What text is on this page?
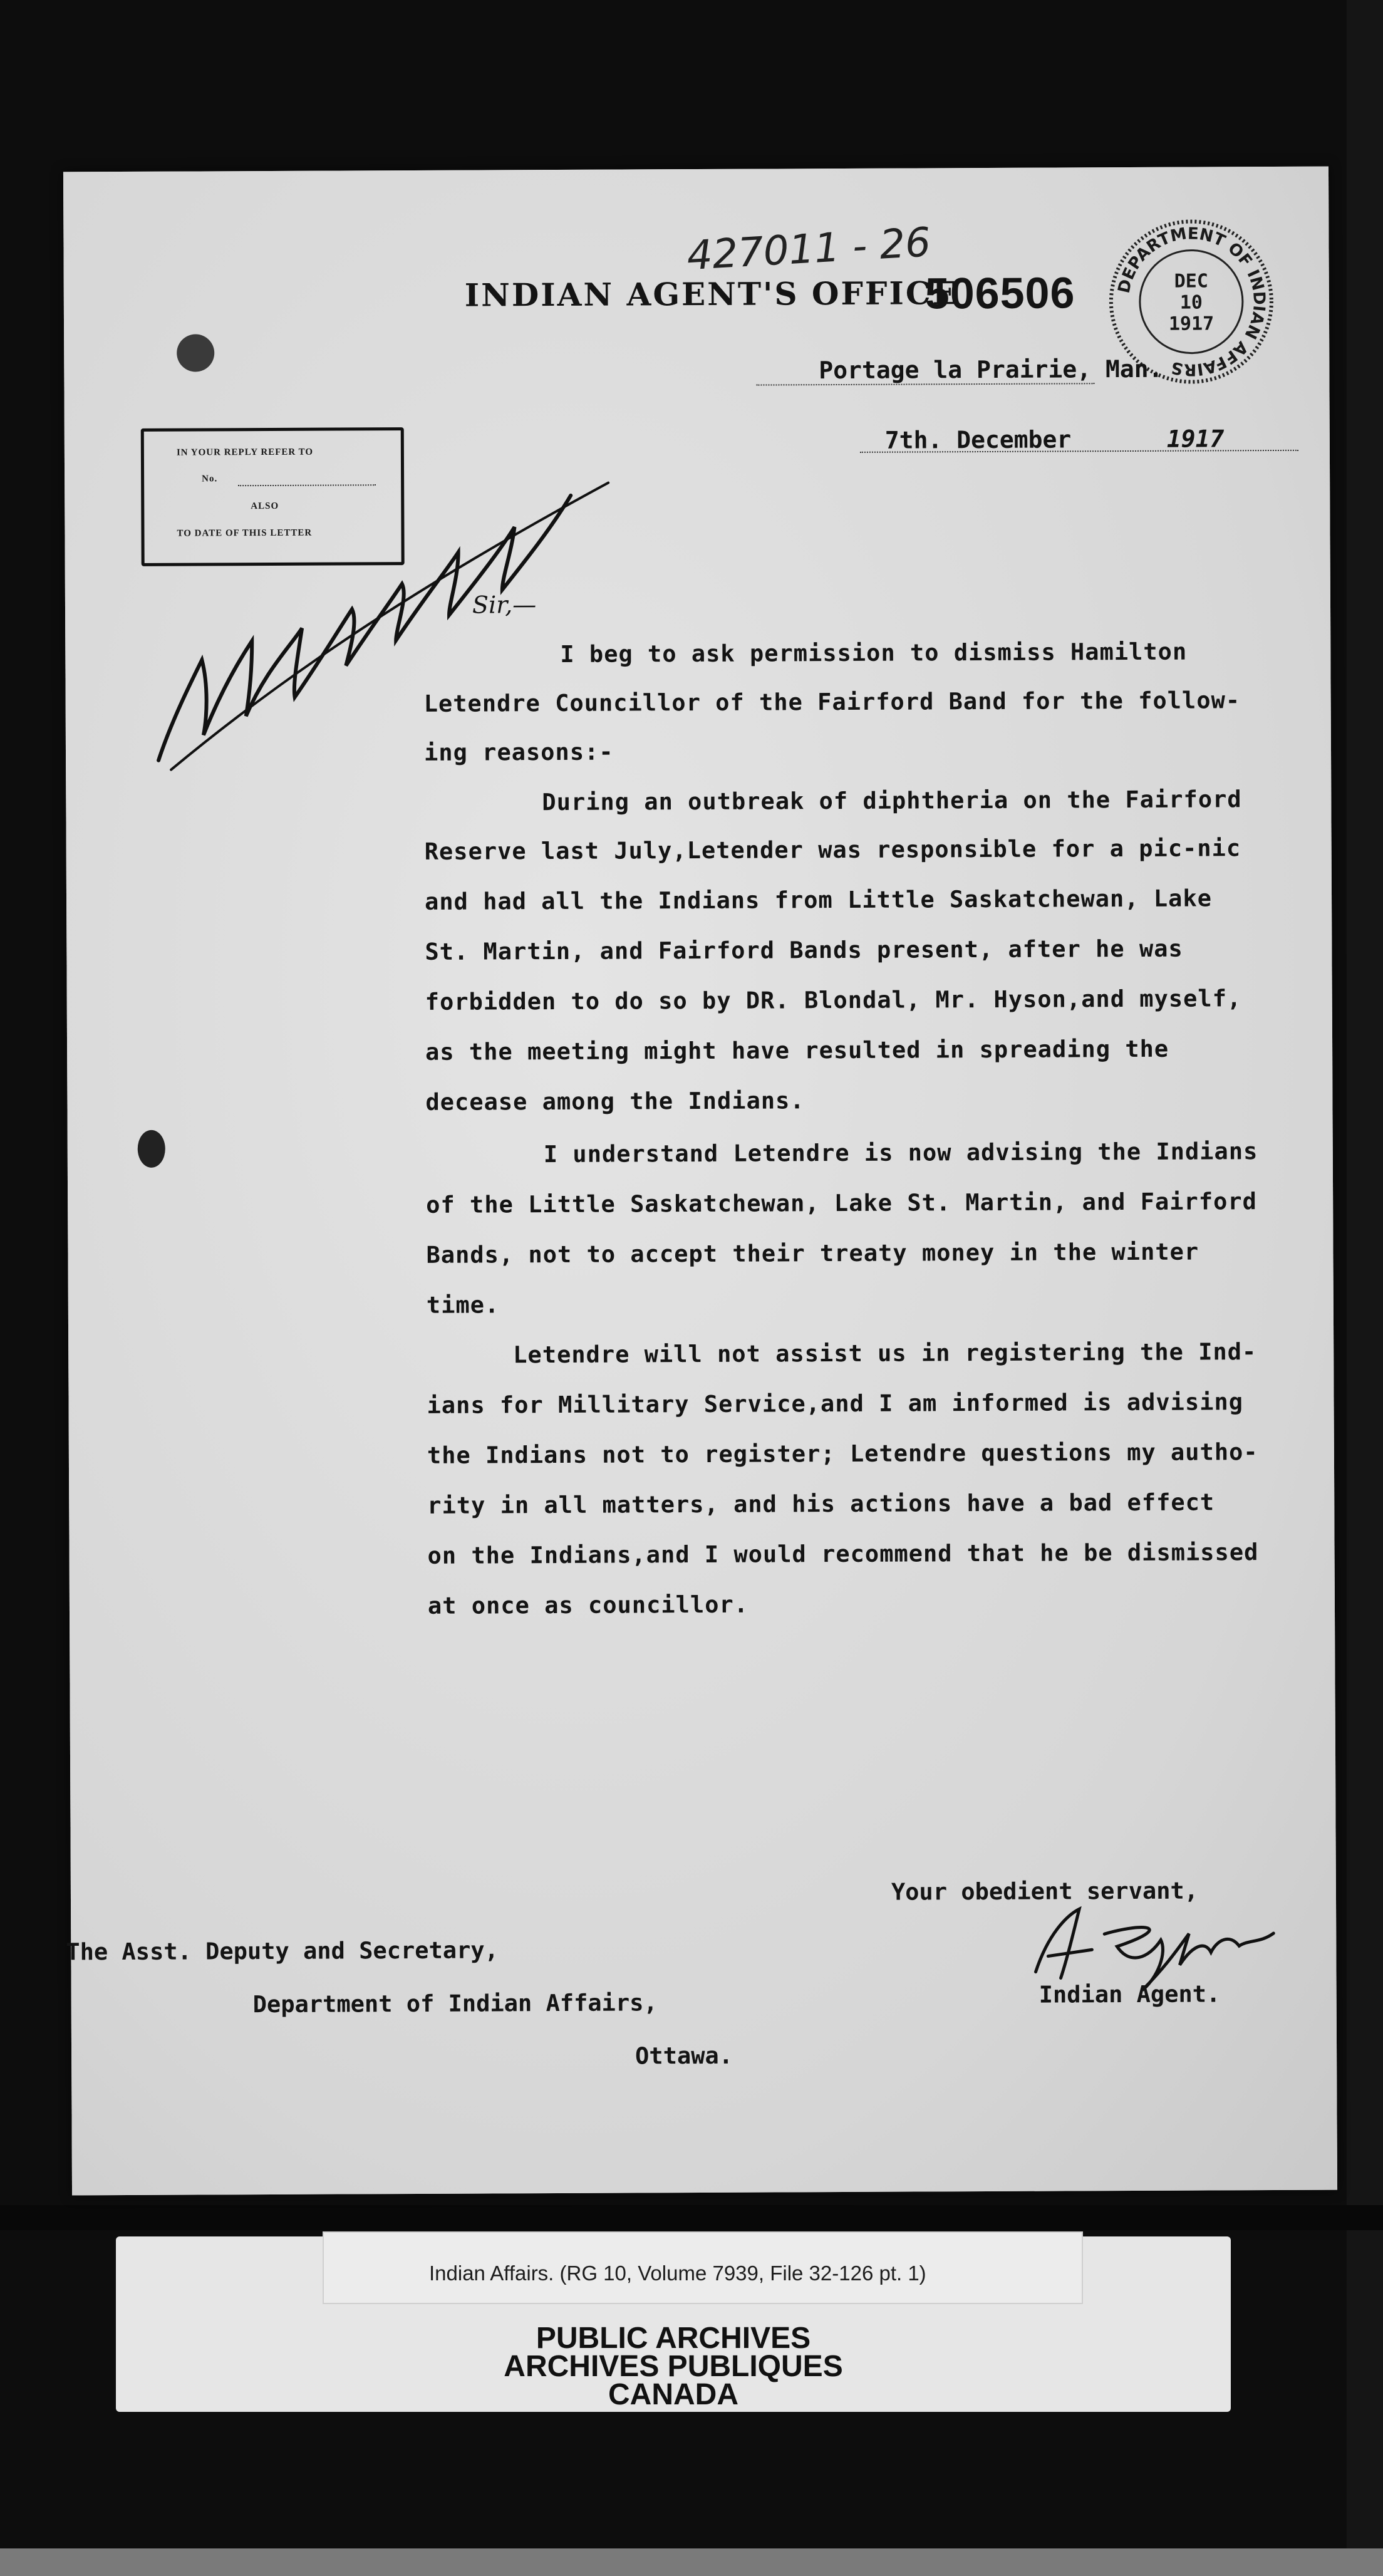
427011 - 26
INDIAN AGENT'S OFFICE
506506 DEPARTMENT OF INDIAN AFFAIRS
DEC
10
1917
Portage la Prairie, Man.
7th. December	1917
IN YOUR REPLY REFER TO
No.
ALSO
TO DATE OF THIS LETTER
Sir,—
I beg to ask permission to dismiss Hamilton
Letendre Councillor of the Fairford Band for the follow-
ing reasons:-
During an outbreak of diphtheria on the Fairford
Reserve last July,Letender was responsible for a pic-nic
and had all the Indians from Little Saskatchewan, Lake
St. Martin, and Fairford Bands present, after he was
forbidden to do so by DR. Blondal, Mr. Hyson,and myself,
as the meeting might have resulted in spreading the
decease among the Indians.
I understand Letendre is now advising the Indians
of the Little Saskatchewan, Lake St. Martin, and Fairford
Bands, not to accept their treaty money in the winter
time.
Letendre will not assist us in registering the Ind-
ians for Millitary Service,and I am informed is advising
the Indians not to register; Letendre questions my autho-
rity in all matters, and his actions have a bad effect
on the Indians,and I would recommend that he be dismissed
at once as councillor.
Your obedient servant,
Indian Agent.
The Asst. Deputy and Secretary,
Department of Indian Affairs,
Ottawa.
Indian Affairs. (RG 10, Volume 7939, File 32-126 pt. 1)
PUBLIC ARCHIVES
ARCHIVES PUBLIQUES
CANADA
